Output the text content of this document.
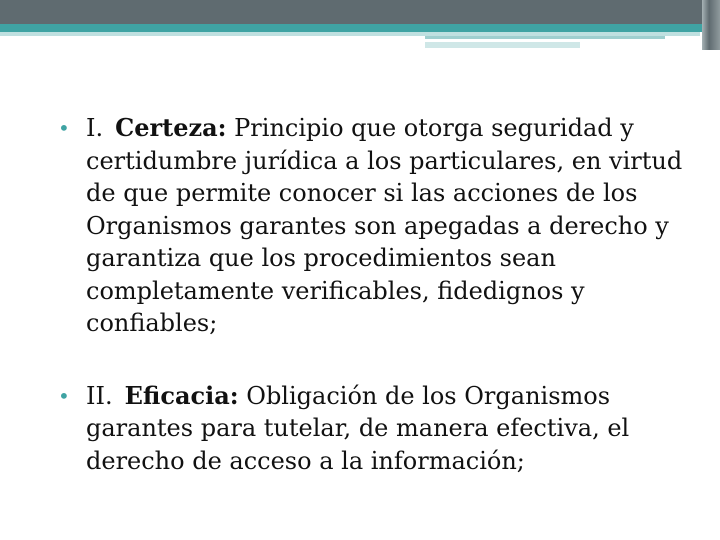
• I. Certeza: Principio que otorga seguridad y certidumbre jurídica a los particulares, en virtud de que permite conocer si las acciones de los Organismos garantes son apegadas a derecho y garantiza que los procedimientos sean completamente verificables, fidedignos y confiables;

• II. Eficacia: Obligación de los Organismos garantes para tutelar, de manera efectiva, el derecho de acceso a la información;
